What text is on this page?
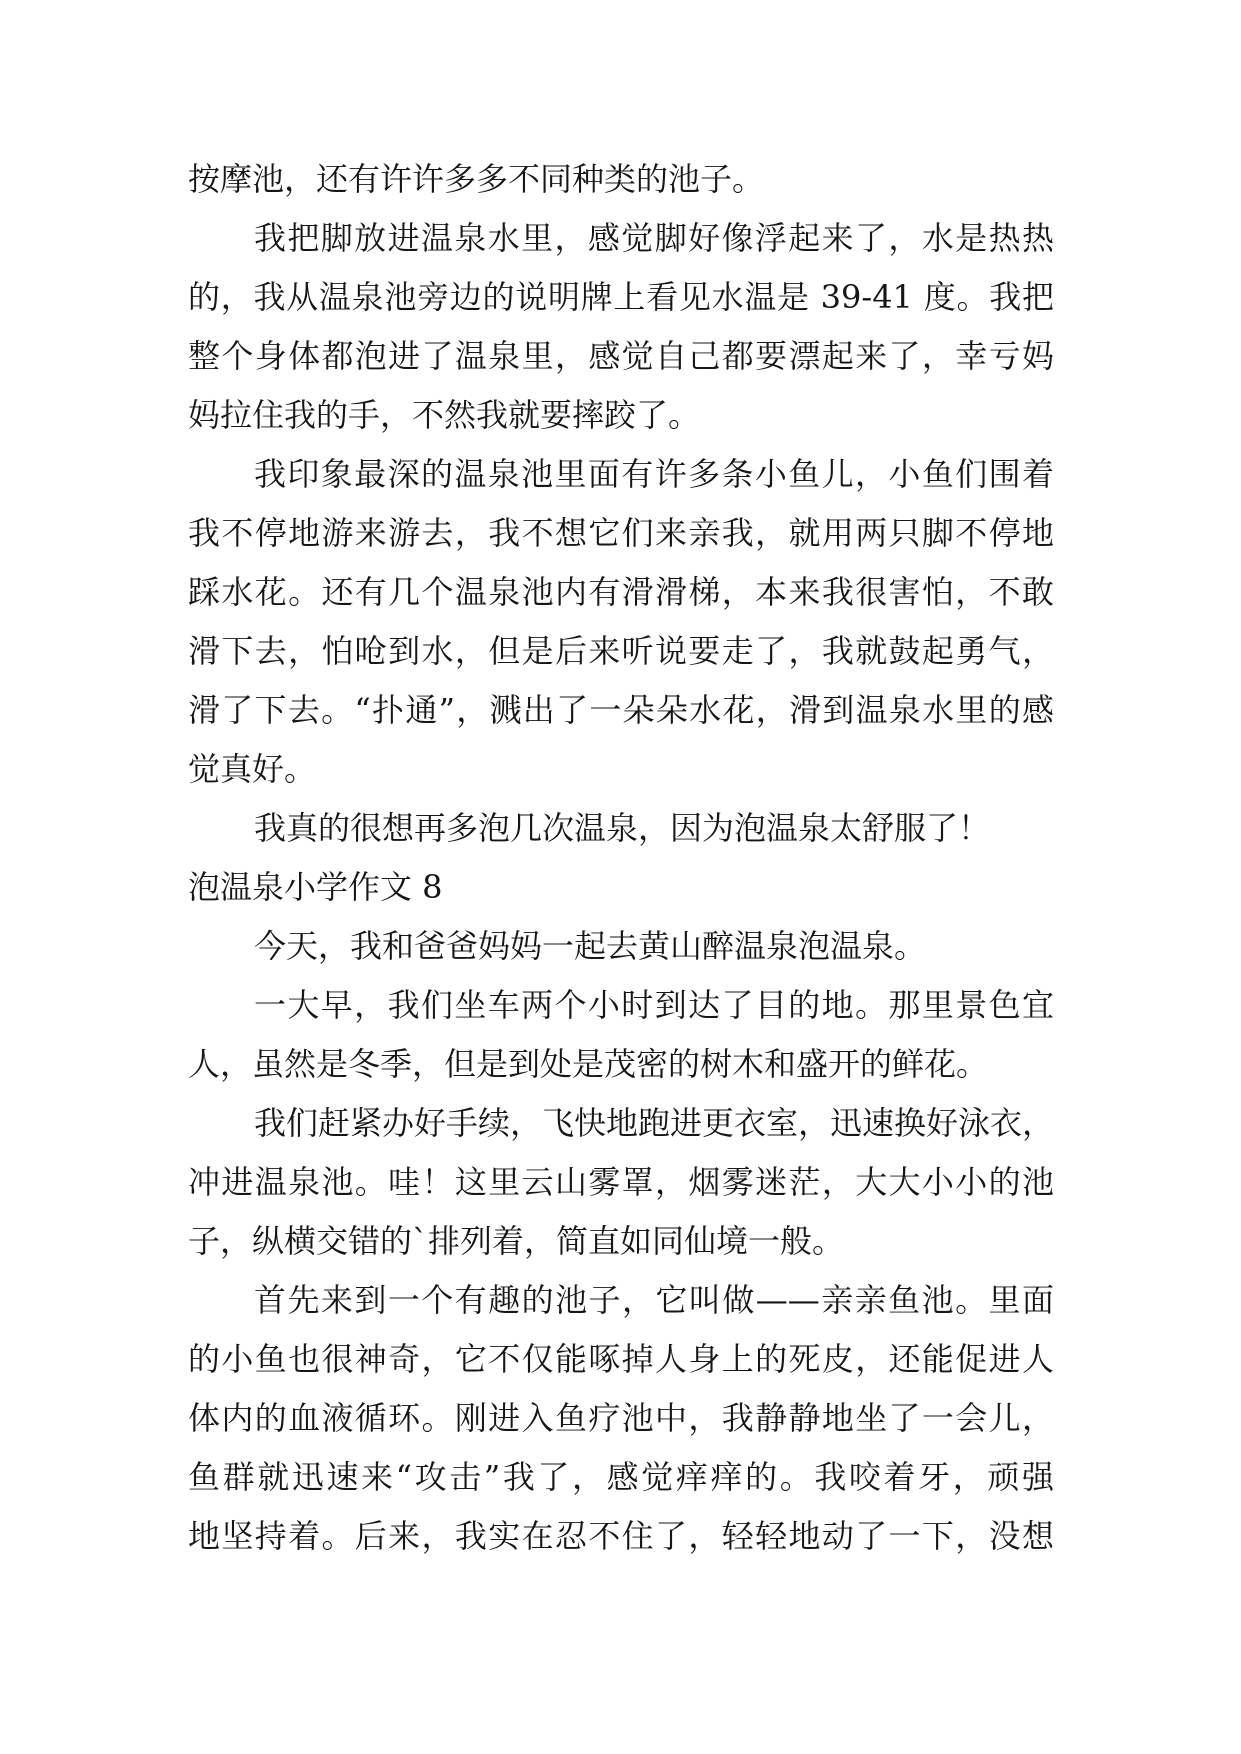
按摩池，还有许许多多不同种类的池子。
我把脚放进温泉水里，感觉脚好像浮起来了，水是热热
的，我从温泉池旁边的说明牌上看见水温是 39-41 度。我把
整个身体都泡进了温泉里，感觉自己都要漂起来了，幸亏妈
妈拉住我的手，不然我就要摔跤了。
我印象最深的温泉池里面有许多条小鱼儿，小鱼们围着
我不停地游来游去，我不想它们来亲我，就用两只脚不停地
踩水花。还有几个温泉池内有滑滑梯，本来我很害怕，不敢
滑下去，怕呛到水，但是后来听说要走了，我就鼓起勇气，
滑了下去。“扑通”，溅出了一朵朵水花，滑到温泉水里的感
觉真好。
我真的很想再多泡几次温泉，因为泡温泉太舒服了！
泡温泉小学作文 8
今天，我和爸爸妈妈一起去黄山醉温泉泡温泉。
一大早，我们坐车两个小时到达了目的地。那里景色宜
人，虽然是冬季，但是到处是茂密的树木和盛开的鲜花。
我们赶紧办好手续，飞快地跑进更衣室，迅速换好泳衣，
冲进温泉池。哇！这里云山雾罩，烟雾迷茫，大大小小的池
子，纵横交错的`排列着，简直如同仙境一般。
首先来到一个有趣的池子，它叫做——亲亲鱼池。里面
的小鱼也很神奇，它不仅能啄掉人身上的死皮，还能促进人
体内的血液循环。刚进入鱼疗池中，我静静地坐了一会儿，
鱼群就迅速来“攻击”我了，感觉痒痒的。我咬着牙，顽强
地坚持着。后来，我实在忍不住了，轻轻地动了一下，没想
